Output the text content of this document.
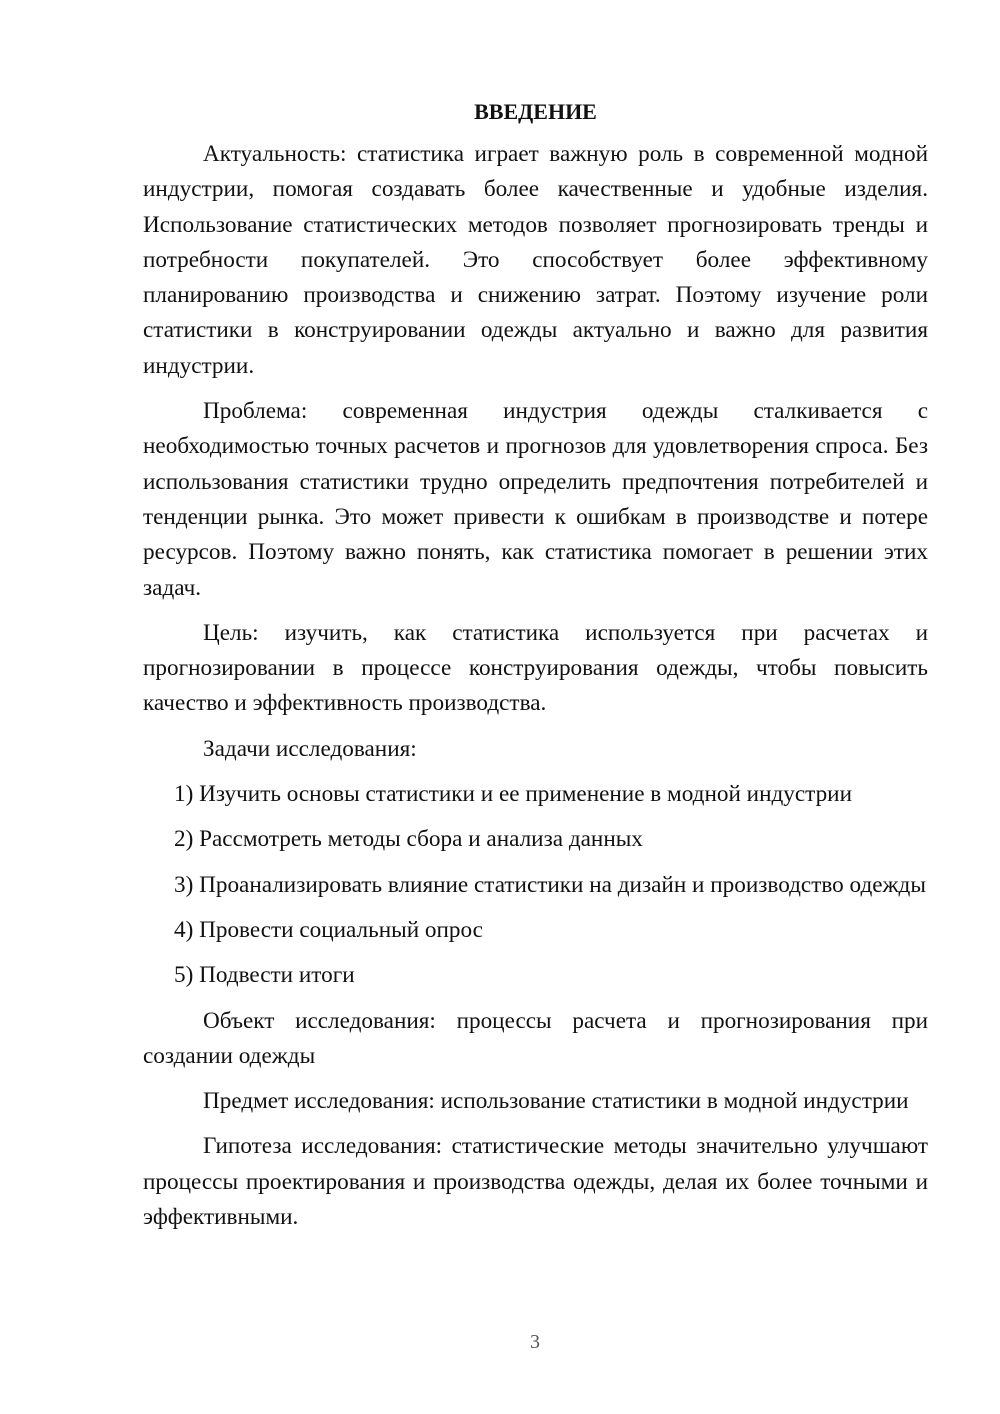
ВВЕДЕНИЕ

Актуальность: статистика играет важную роль в современной модной индустрии, помогая создавать более качественные и удобные изделия. Использование статистических методов позволяет прогнозировать тренды и потребности покупателей. Это способствует более эффективному планированию производства и снижению затрат. Поэтому изучение роли статистики в конструировании одежды актуально и важно для развития индустрии.

Проблема: современная индустрия одежды сталкивается с необходимостью точных расчетов и прогнозов для удовлетворения спроса. Без использования статистики трудно определить предпочтения потребителей и тенденции рынка. Это может привести к ошибкам в производстве и потере ресурсов. Поэтому важно понять, как статистика помогает в решении этих задач.

Цель: изучить, как статистика используется при расчетах и прогнозировании в процессе конструирования одежды, чтобы повысить качество и эффективность производства.

Задачи исследования:

1) Изучить основы статистики и ее применение в модной индустрии

2) Рассмотреть методы сбора и анализа данных

3) Проанализировать влияние статистики на дизайн и производство одежды

4) Провести социальный опрос

5) Подвести итоги

Объект исследования: процессы расчета и прогнозирования при создании одежды

Предмет исследования: использование статистики в модной индустрии

Гипотеза исследования: статистические методы значительно улучшают процессы проектирования и производства одежды, делая их более точными и эффективными.

3
